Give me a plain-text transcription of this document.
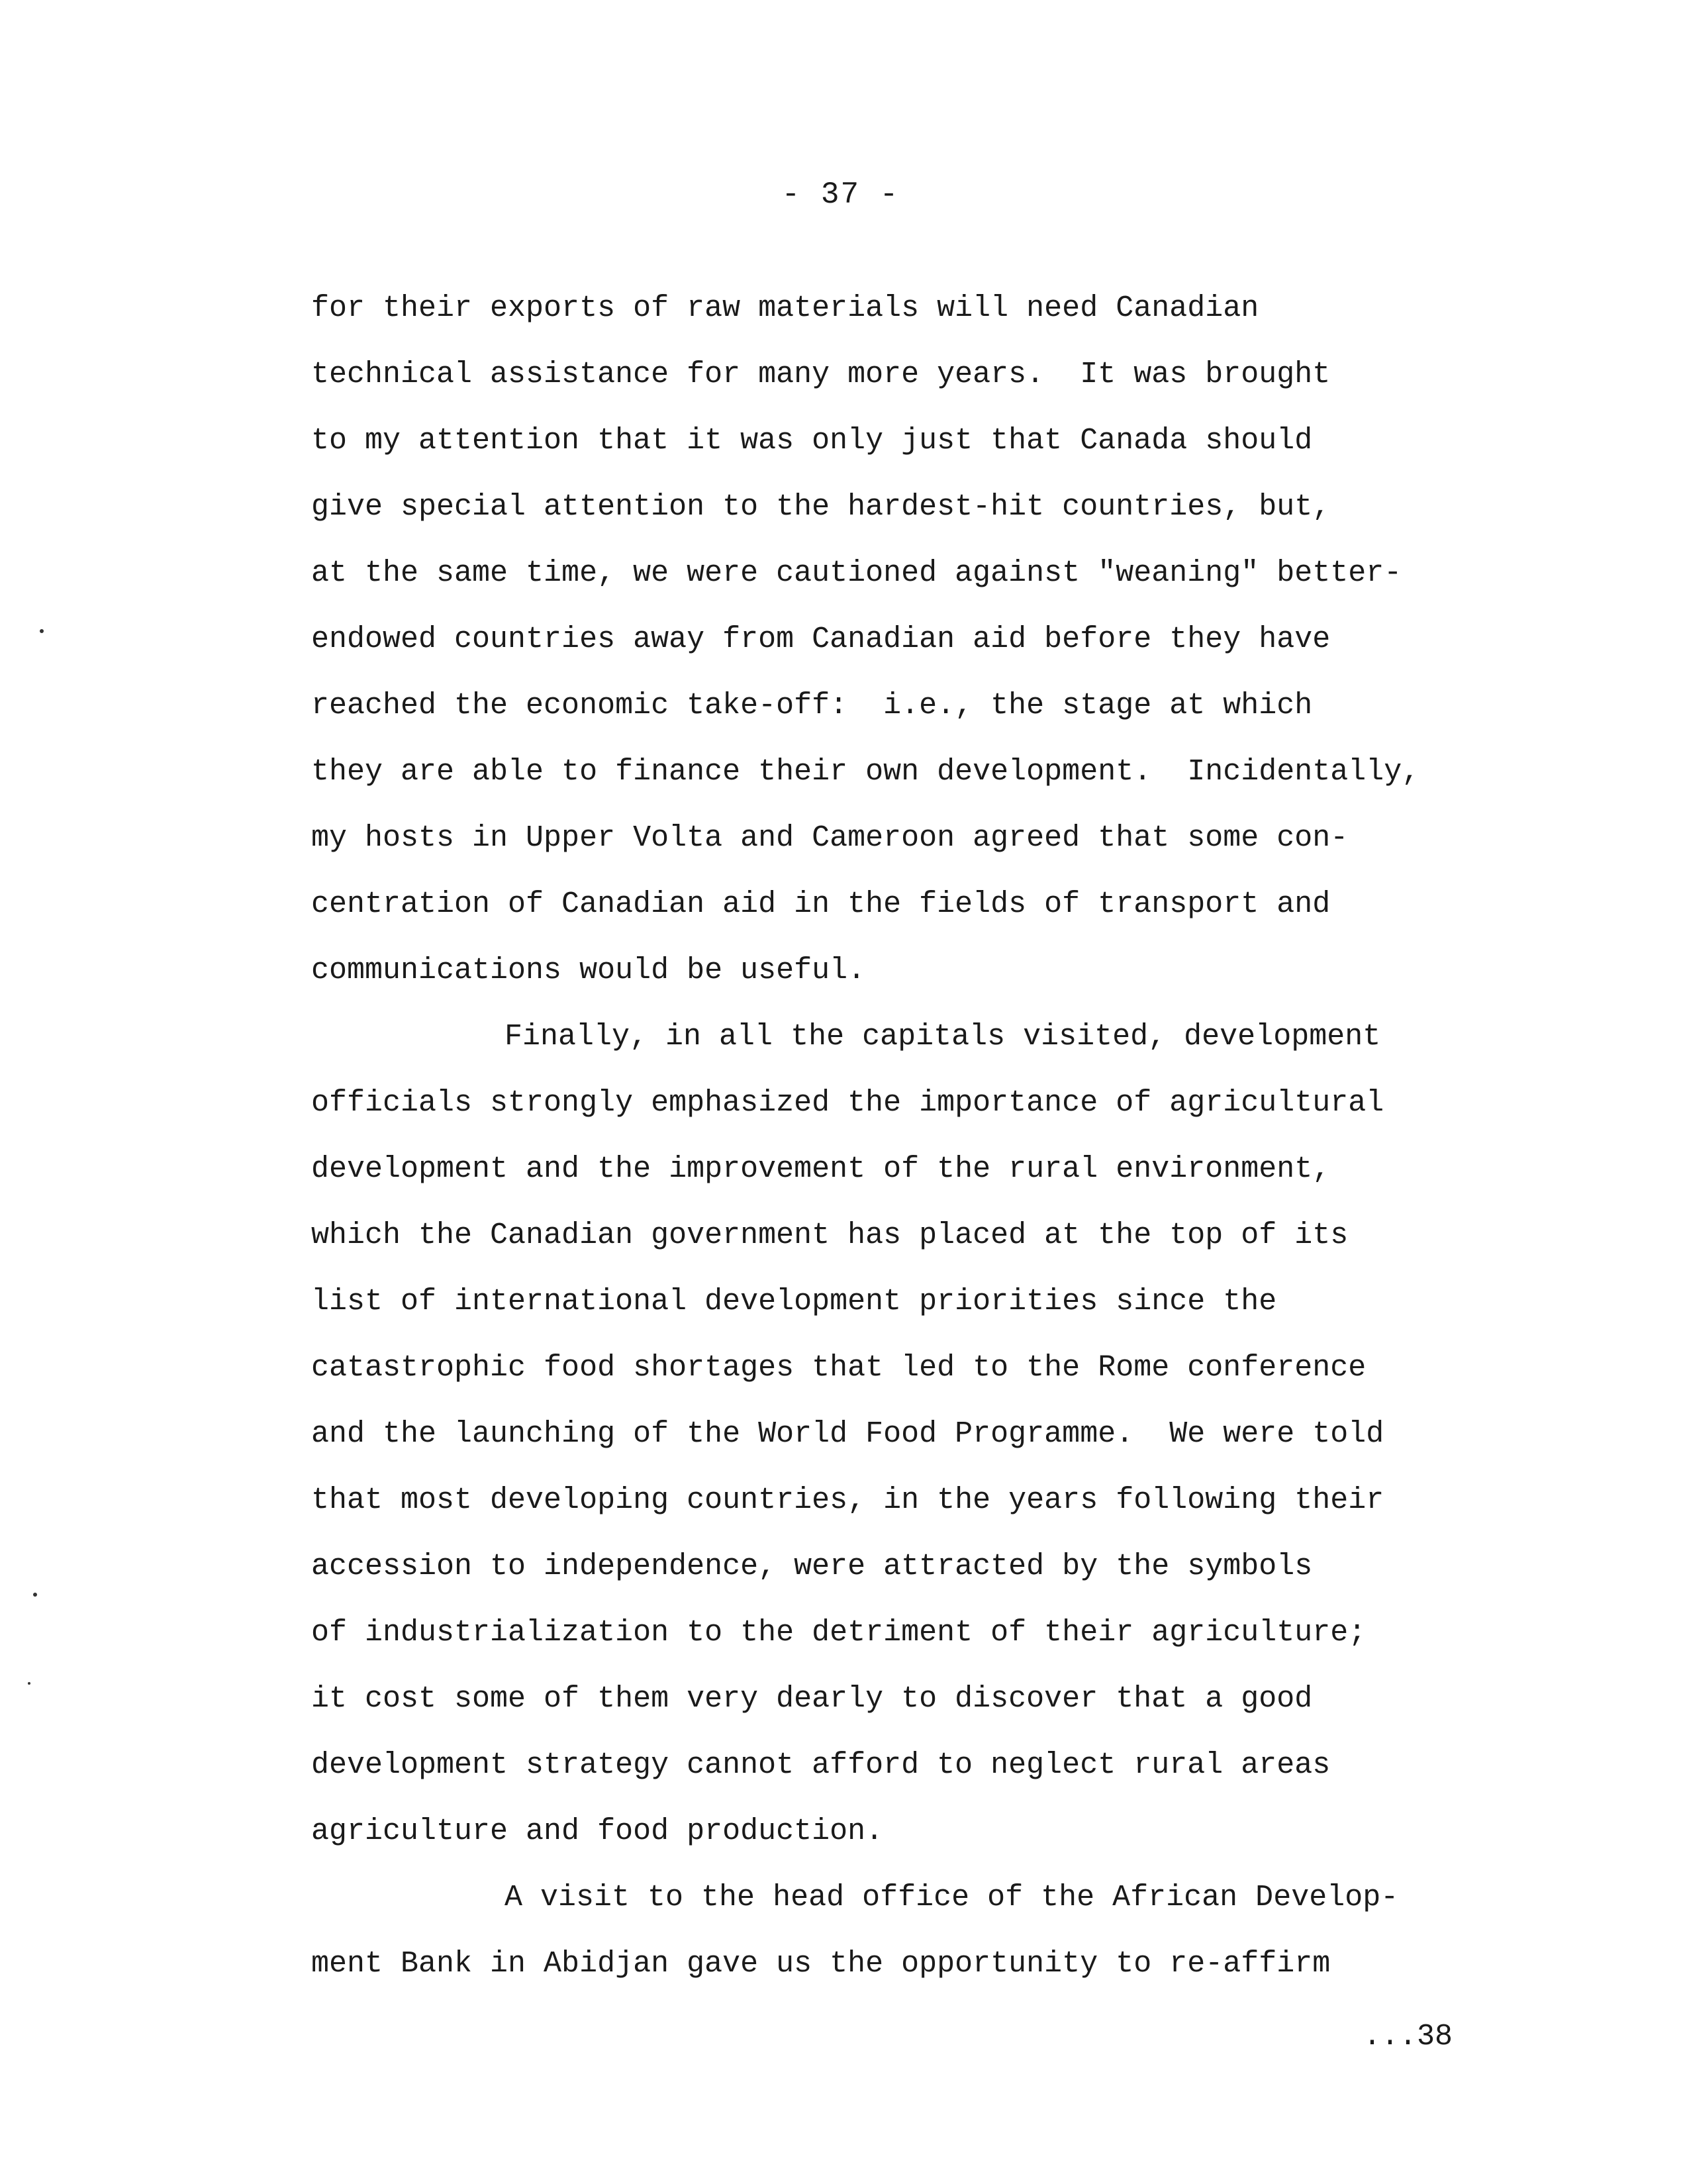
- 37 -
for their exports of raw materials will need Canadian
technical assistance for many more years.  It was brought
to my attention that it was only just that Canada should
give special attention to the hardest-hit countries, but,
at the same time, we were cautioned against "weaning" better-
endowed countries away from Canadian aid before they have
reached the economic take-off:  i.e., the stage at which
they are able to finance their own development.  Incidentally,
my hosts in Upper Volta and Cameroon agreed that some con-
centration of Canadian aid in the fields of transport and
communications would be useful.
Finally, in all the capitals visited, development
officials strongly emphasized the importance of agricultural
development and the improvement of the rural environment,
which the Canadian government has placed at the top of its
list of international development priorities since the
catastrophic food shortages that led to the Rome conference
and the launching of the World Food Programme.  We were told
that most developing countries, in the years following their
accession to independence, were attracted by the symbols
of industrialization to the detriment of their agriculture;
it cost some of them very dearly to discover that a good
development strategy cannot afford to neglect rural areas
agriculture and food production.
A visit to the head office of the African Develop-
ment Bank in Abidjan gave us the opportunity to re-affirm
...38
